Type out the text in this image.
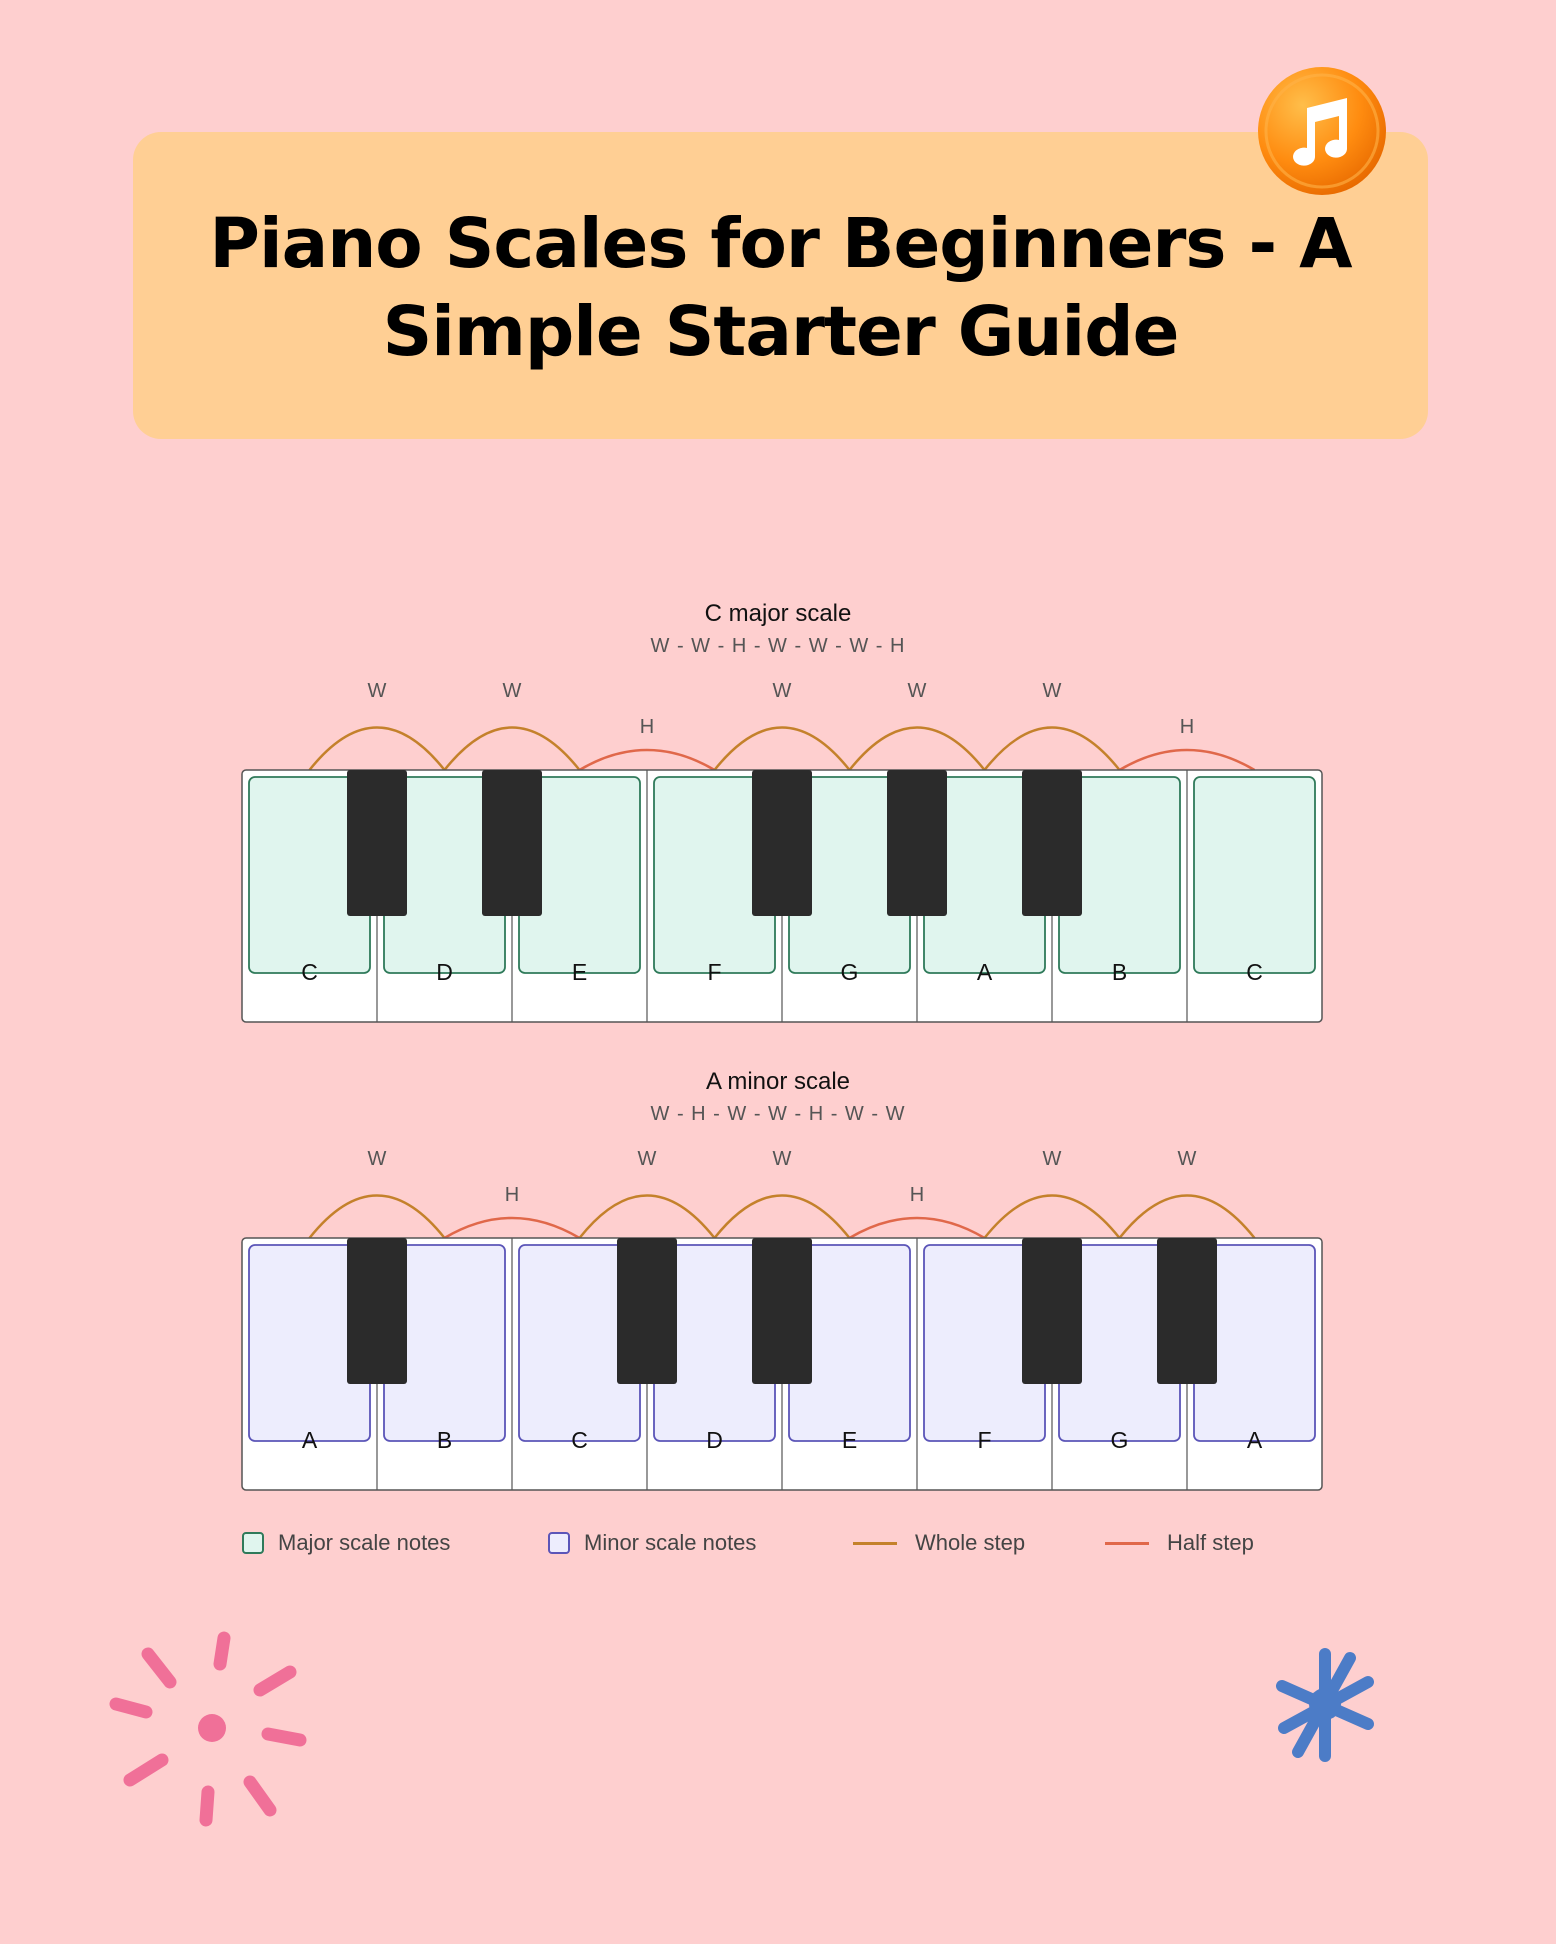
Piano Scales for Beginners - A Simple Starter Guide
C major scale
W - W - H - W - W - W - H
W	W
H
W	W	W
H
C	D	E	F	G	A	B	C
A minor scale
W - H - W - W - H - W - W
W
H
W	W
H
W	W
A	B	C	D	E	F	G	A
Major scale notes	Minor scale notes	Whole step	Half step
